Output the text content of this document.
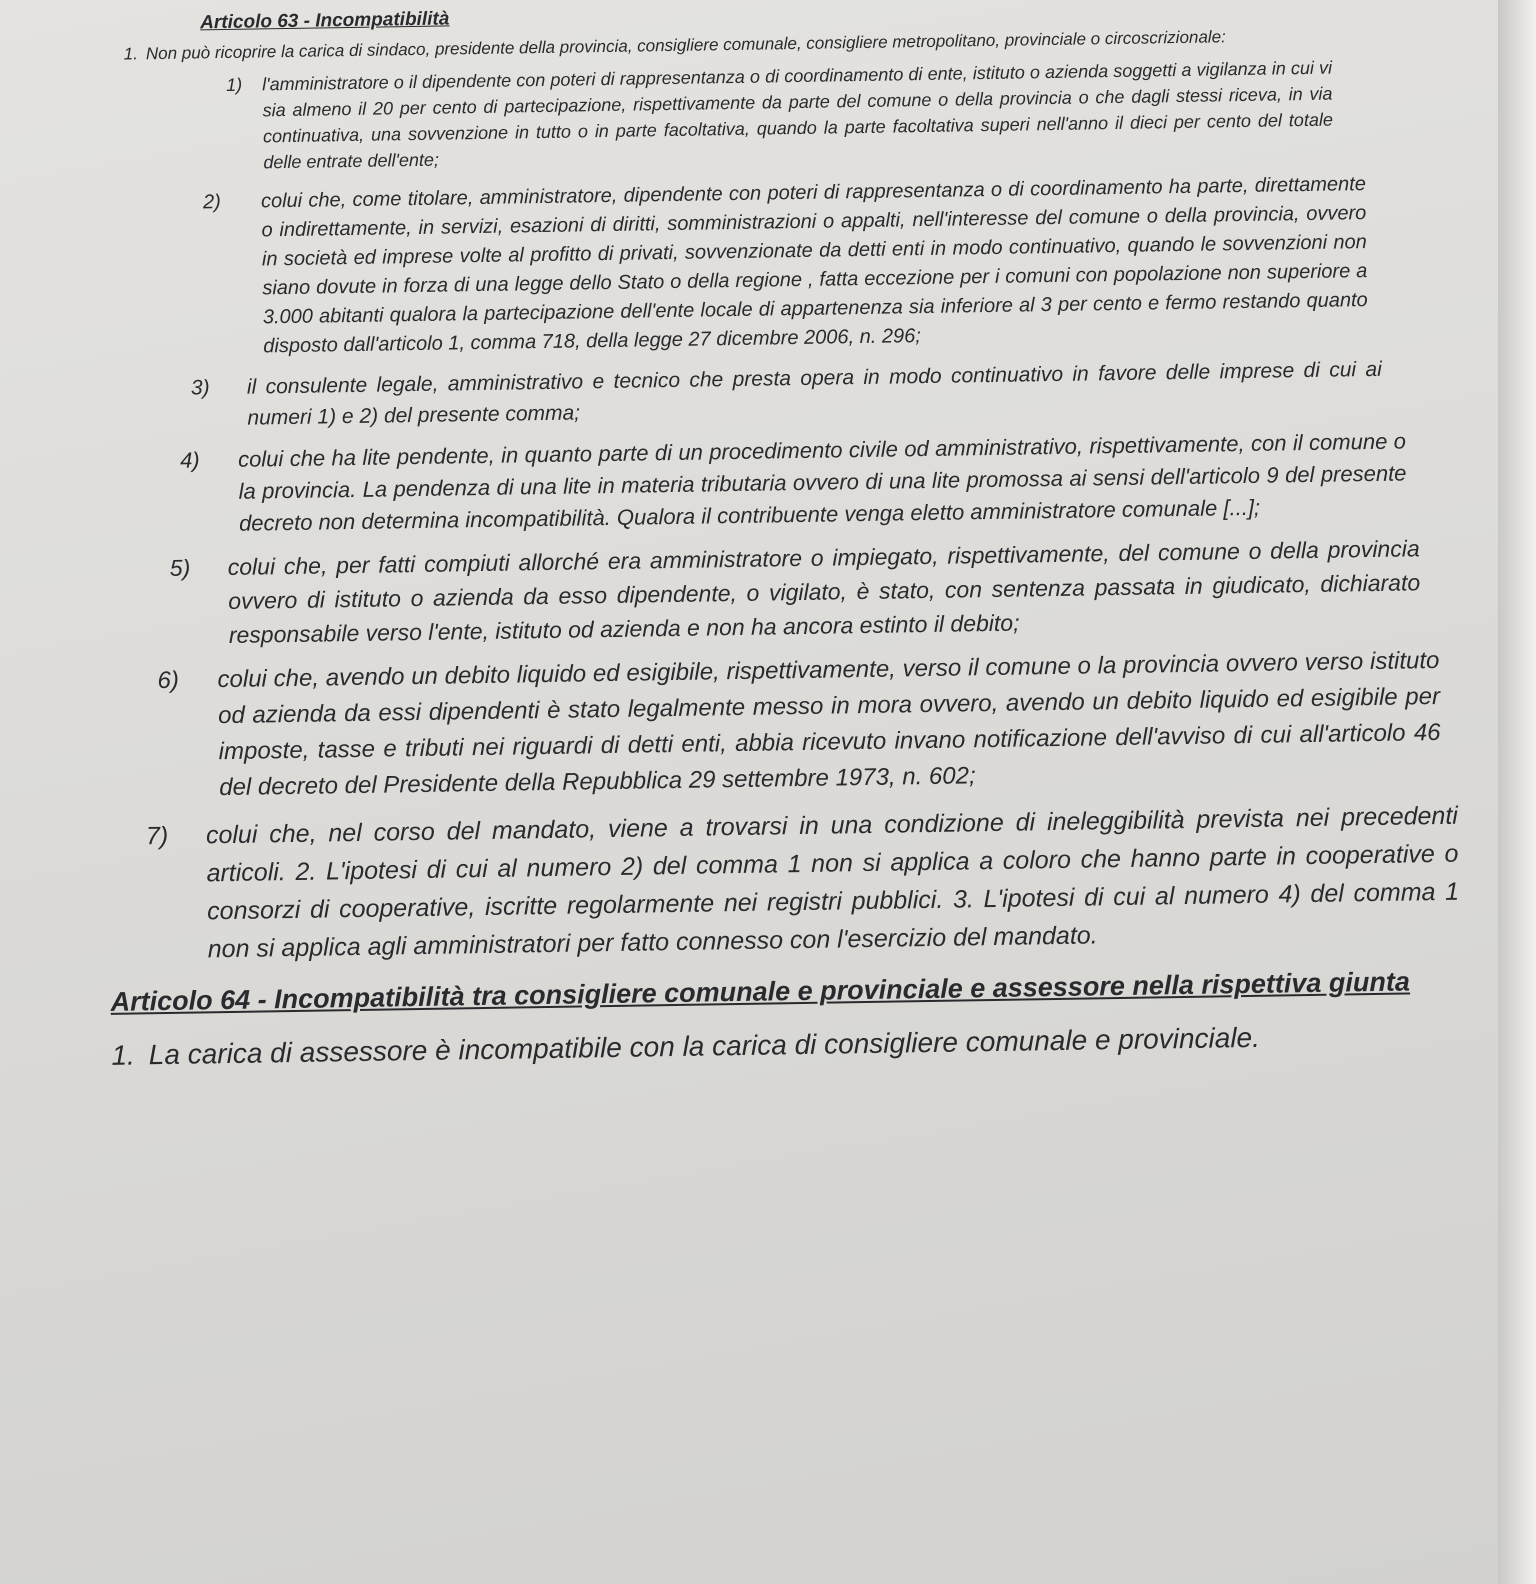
Articolo 63 - Incompatibilità

1. Non può ricoprire la carica di sindaco, presidente della provincia, consigliere comunale, consigliere metropolitano, provinciale o circoscrizionale:
1) l'amministratore o il dipendente con poteri di rappresentanza o di coordinamento di ente, istituto o azienda soggetti a vigilanza in cui vi sia almeno il 20 per cento di partecipazione, rispettivamente da parte del comune o della provincia o che dagli stessi riceva, in via continuativa, una sovvenzione in tutto o in parte facoltativa, quando la parte facoltativa superi nell'anno il dieci per cento del totale delle entrate dell'ente;
2) colui che, come titolare, amministratore, dipendente con poteri di rappresentanza o di coordinamento ha parte, direttamente o indirettamente, in servizi, esazioni di diritti, somministrazioni o appalti, nell'interesse del comune o della provincia, ovvero in società ed imprese volte al profitto di privati, sovvenzionate da detti enti in modo continuativo, quando le sovvenzioni non siano dovute in forza di una legge dello Stato o della regione , fatta eccezione per i comuni con popolazione non superiore a 3.000 abitanti qualora la partecipazione dell'ente locale di appartenenza sia inferiore al 3 per cento e fermo restando quanto disposto dall'articolo 1, comma 718, della legge 27 dicembre 2006, n. 296;
3) il consulente legale, amministrativo e tecnico che presta opera in modo continuativo in favore delle imprese di cui ai numeri 1) e 2) del presente comma;
4) colui che ha lite pendente, in quanto parte di un procedimento civile od amministrativo, rispettivamente, con il comune o la provincia. La pendenza di una lite in materia tributaria ovvero di una lite promossa ai sensi dell'articolo 9 del presente decreto non determina incompatibilità. Qualora il contribuente venga eletto amministratore comunale [...];
5) colui che, per fatti compiuti allorché era amministratore o impiegato, rispettivamente, del comune o della provincia ovvero di istituto o azienda da esso dipendente, o vigilato, è stato, con sentenza passata in giudicato, dichiarato responsabile verso l'ente, istituto od azienda e non ha ancora estinto il debito;
6) colui che, avendo un debito liquido ed esigibile, rispettivamente, verso il comune o la provincia ovvero verso istituto od azienda da essi dipendenti è stato legalmente messo in mora ovvero, avendo un debito liquido ed esigibile per imposte, tasse e tributi nei riguardi di detti enti, abbia ricevuto invano notificazione dell'avviso di cui all'articolo 46 del decreto del Presidente della Repubblica 29 settembre 1973, n. 602;
7) colui che, nel corso del mandato, viene a trovarsi in una condizione di ineleggibilità prevista nei precedenti articoli. 2. L'ipotesi di cui al numero 2) del comma 1 non si applica a coloro che hanno parte in cooperative o consorzi di cooperative, iscritte regolarmente nei registri pubblici. 3. L'ipotesi di cui al numero 4) del comma 1 non si applica agli amministratori per fatto connesso con l'esercizio del mandato.

Articolo 64 - Incompatibilità tra consigliere comunale e provinciale e assessore nella rispettiva giunta

1. La carica di assessore è incompatibile con la carica di consigliere comunale e provinciale.
